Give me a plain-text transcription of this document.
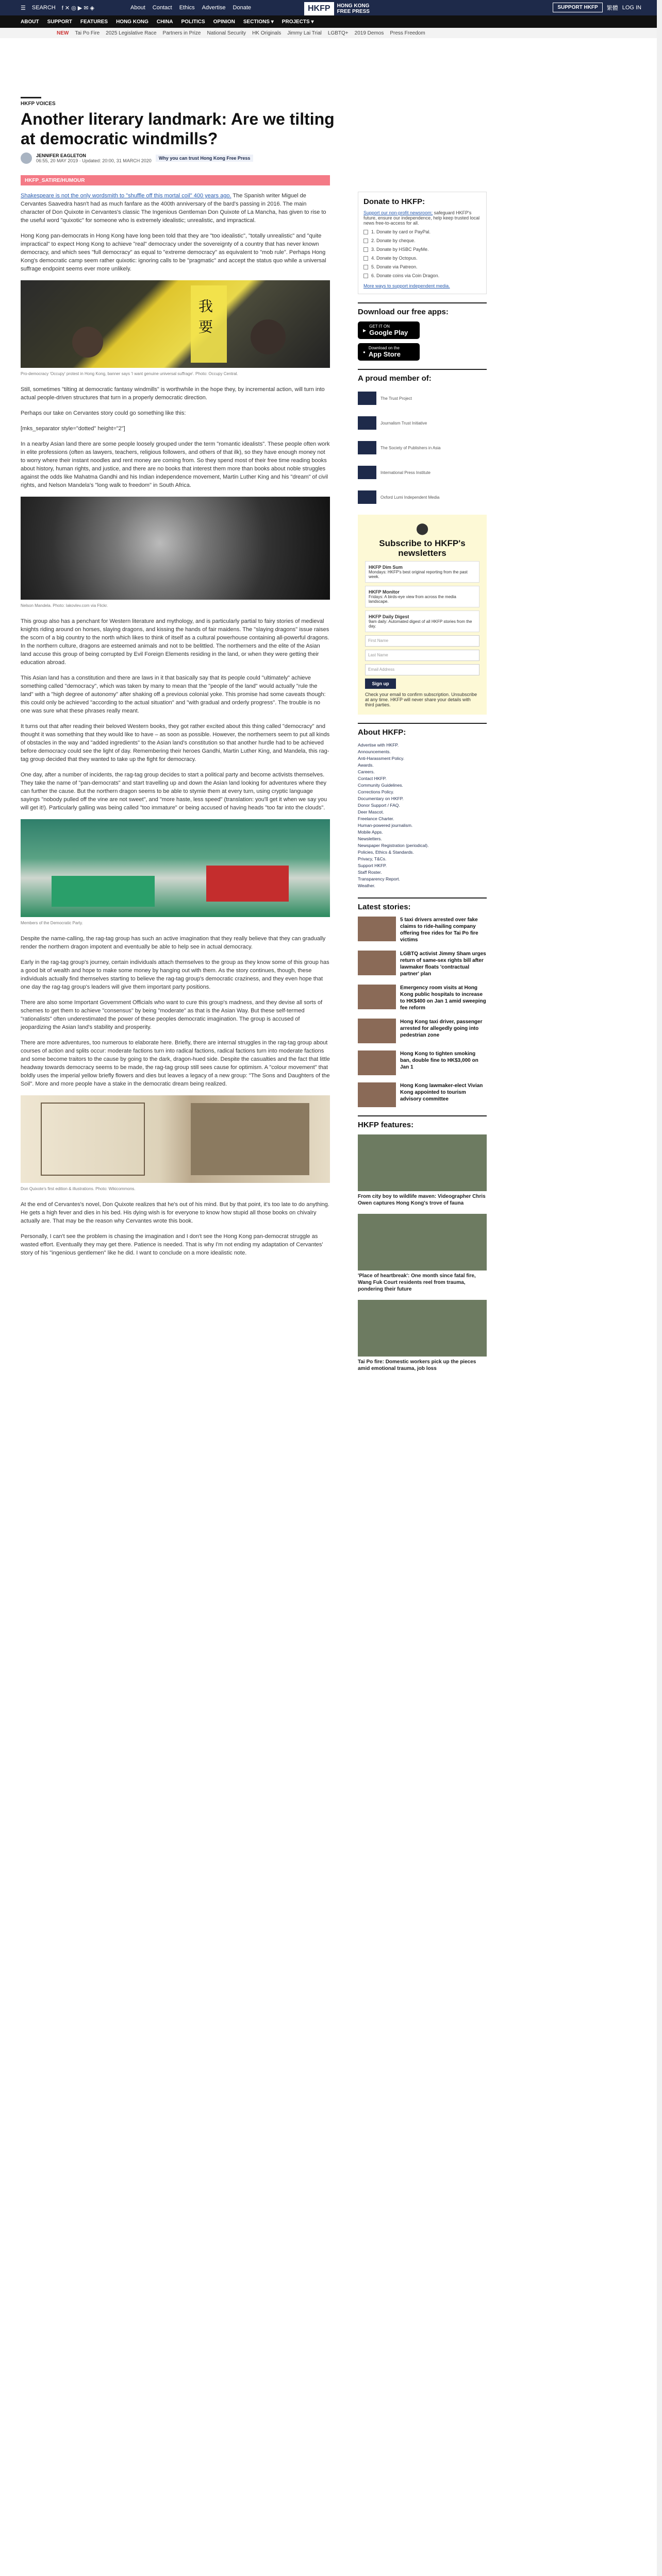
☰ SEARCH f ✕ ◎ ▶ ✉ ◈	About Contact Ethics Advertise Donate	HKFP	HONG KONG
FREE PRESS
SUPPORT HKFP	繁體 LOG IN
ABOUT SUPPORT FEATURES HONG KONG CHINA POLITICS OPINION SECTIONS ▾ PROJECTS ▾
NEW Tai Po Fire 2025 Legislative Race Partners in Prize National Security HK Originals Jimmy Lai Trial LGBTQ+ 2019 Demos Press Freedom
HKFP VOICES
Another literary landmark: Are we tilting at democratic windmills?
JENNIFER EAGLETON
06:55, 20 MAY 2019 · Updated: 20:00, 31 MARCH 2020	Why you can trust Hong Kong Free Press
HKFP_SATIRE/HUMOUR

Shakespeare is not the only wordsmith to "shuffle off this mortal coil" 400 years ago. The Spanish writer Miguel de Cervantes Saavedra hasn't had as much fanfare as the 400th anniversary of the bard's passing in 2016. The main character of Don Quixote in Cervantes's classic The Ingenious Gentleman Don Quixote of La Mancha, has given to rise to the useful word "quixotic" for someone who is extremely idealistic; unrealistic, and impractical.

Hong Kong pan-democrats in Hong Kong have long been told that they are "too idealistic", "totally unrealistic" and "quite impractical" to expect Hong Kong to achieve "real" democracy under the sovereignty of a country that has never known democracy, and which sees "full democracy" as equal to "extreme democracy" as equivalent to "mob rule". Perhaps Hong Kong's democratic camp seem rather quixotic: ignoring calls to be "pragmatic" and accept the status quo while a universal suffrage endpoint seems ever more unlikely.

我
要
Pro-democracy 'Occupy' protest in Hong Kong, banner says 'I want genuine universal suffrage'. Photo: Occupy Central.

Still, sometimes "tilting at democratic fantasy windmills" is worthwhile in the hope they, by incremental action, will turn into actual people-driven structures that turn in a properly democratic direction.

Perhaps our take on Cervantes story could go something like this:

[mks_separator style="dotted" height="2"]

In a nearby Asian land there are some people loosely grouped under the term "romantic idealists". These people often work in elite professions (often as lawyers, teachers, religious followers, and others of that ilk), so they have enough money not to worry where their instant noodles and rent money are coming from. So they spend most of their free time reading books about history, human rights, and justice, and there are no books that interest them more than books about noble struggles against the odds like Mahatma Gandhi and his Indian independence movement, Martin Luther King and his "dream" of civil rights, and Nelson Mandela's "long walk to freedom" in South Africa.

Nelson Mandela. Photo: Iakovlev.com via Flickr.

This group also has a penchant for Western literature and mythology, and is particularly partial to fairy stories of medieval knights riding around on horses, slaying dragons, and kissing the hands of fair maidens. The "slaying dragons" issue raises the scorn of a big country to the north which likes to think of itself as a cultural powerhouse containing all-powerful dragons. In the northern culture, dragons are esteemed animals and not to be belittled. The northerners and the elite of the Asian land accuse this group of being corrupted by Evil Foreign Elements residing in the land, or when they were getting their education abroad.

This Asian land has a constitution and there are laws in it that basically say that its people could "ultimately" achieve something called "democracy", which was taken by many to mean that the "people of the land" would actually "rule the land" with a "high degree of autonomy" after shaking off a previous colonial yoke. This promise had some caveats though: this could only be achieved "according to the actual situation" and "with gradual and orderly progress". The trouble is no one was sure what these phrases really meant.

It turns out that after reading their beloved Western books, they got rather excited about this thing called "democracy" and thought it was something that they would like to have – as soon as possible. However, the northerners seem to put all kinds of obstacles in the way and "added ingredients" to the Asian land's constitution so that another hurdle had to be achieved before democracy could see the light of day. Remembering their heroes Gandhi, Martin Luther King, and Mandela, this rag-tag group decided that they wanted to take up the fight for democracy.

One day, after a number of incidents, the rag-tag group decides to start a political party and become activists themselves. They take the name of "pan-democrats" and start travelling up and down the Asian land looking for adventures where they can further the cause. But the northern dragon seems to be able to stymie them at every turn, using cryptic language sayings "nobody pulled off the vine are not sweet", and "more haste, less speed" (translation: you'll get it when we say you will get it!). Particularly galling was being called "too immature" or being accused of having heads "too far into the clouds".

Members of the Democratic Party.

Despite the name-calling, the rag-tag group has such an active imagination that they really believe that they can gradually render the northern dragon impotent and eventually be able to help see in actual democracy.

Early in the rag-tag group's journey, certain individuals attach themselves to the group as they know some of this group has a good bit of wealth and hope to make some money by hanging out with them. As the story continues, though, these individuals actually find themselves starting to believe the rag-tag group's democratic craziness, and they even hope that one day the rag-tag group's leaders will give them important party positions.

There are also some Important Government Officials who want to cure this group's madness, and they devise all sorts of schemes to get them to achieve "consensus" by being "moderate" as that is the Asian Way. But these self-termed "rationalists" often underestimated the power of these peoples democratic imagination. The group is accused of jeopardizing the Asian land's stability and prosperity.

There are more adventures, too numerous to elaborate here. Briefly, there are internal struggles in the rag-tag group about courses of action and splits occur: moderate factions turn into radical factions, radical factions turn into moderate factions and some become traitors to the cause by going to the dark, dragon-hued side. Despite the casualties and the fact that little headway towards democracy seems to be made, the rag-tag group still sees cause for optimism. A "colour movement" that boldly uses the imperial yellow briefly flowers and dies but leaves a legacy of a new group: "The Sons and Daughters of the Soil". More and more people have a stake in the democratic dream being realized.

Don Quixote's first edition & illustrations. Photo: Wikicommons.

At the end of Cervantes's novel, Don Quixote realizes that he's out of his mind. But by that point, it's too late to do anything. He gets a high fever and dies in his bed. His dying wish is for everyone to know how stupid all those books on chivalry actually are. That may be the reason why Cervantes wrote this book.

Personally, I can't see the problem is chasing the imagination and I don't see the Hong Kong pan-democrat struggle as wasted effort. Eventually they may get there. Patience is needed. That is why I'm not ending my adaptation of Cervantes' story of his "ingenious gentlemen" like he did. I want to conclude on a more idealistic note.

Donate to HKFP:

Support our non-profit newsroom; safeguard HKFP's future, ensure our independence, help keep trusted local news free-to-access for all.

1. Donate by card or PayPal.
2. Donate by cheque.
3. Donate by HSBC PayMe.
4. Donate by Octopus.
5. Donate via Patreon.
6. Donate coins via Coin Dragon.

More ways to support independent media.

Download our free apps:
▶
GET IT ON
Google Play
●
Download on the
App Store
A proud member of:
The Trust Project
Journalism Trust Initiative
The Society of Publishers in Asia
International Press Institute
Oxford Lumi Independent Media
⬤
Subscribe to HKFP's newsletters
HKFP Dim Sum
Mondays: HKFP's best original reporting from the past week.
HKFP Monitor
Fridays: A birds-eye view from across the media landscape.
HKFP Daily Digest
9am daily: Automated digest of all HKFP stories from the day.
First Name
Last Name
Email Address
Sign up

Check your email to confirm subscription. Unsubscribe at any time. HKFP will never share your details with third parties.

About HKFP:
Advertise with HKFP.
Announcements.
Anti-Harassment Policy.
Awards.
Careers.
Contact HKFP.
Community Guidelines.
Corrections Policy.
Documentary on HKFP.
Donor Support / FAQ.
Deer Mascot.
Freelance Charter.
Human-powered journalism.
Mobile Apps.
Newsletters.
Newspaper Registration (periodical).
Policies, Ethics & Standards.
Privacy, T&Cs.
Support HKFP.
Staff Roster.
Transparency Report.
Weather.
Latest stories:
5 taxi drivers arrested over fake claims to ride-hailing company offering free rides for Tai Po fire victims
LGBTQ activist Jimmy Sham urges return of same-sex rights bill after lawmaker floats 'contractual partner' plan
Emergency room visits at Hong Kong public hospitals to increase to HK$400 on Jan 1 amid sweeping fee reform
Hong Kong taxi driver, passenger arrested for allegedly going into pedestrian zone
Hong Kong to tighten smoking ban, double fine to HK$3,000 on Jan 1
Hong Kong lawmaker-elect Vivian Kong appointed to tourism advisory committee
HKFP features:
From city boy to wildlife maven: Videographer Chris Owen captures Hong Kong's trove of fauna
'Place of heartbreak': One month since fatal fire, Wang Fuk Court residents reel from trauma, pondering their future
Tai Po fire: Domestic workers pick up the pieces amid emotional trauma, job loss
